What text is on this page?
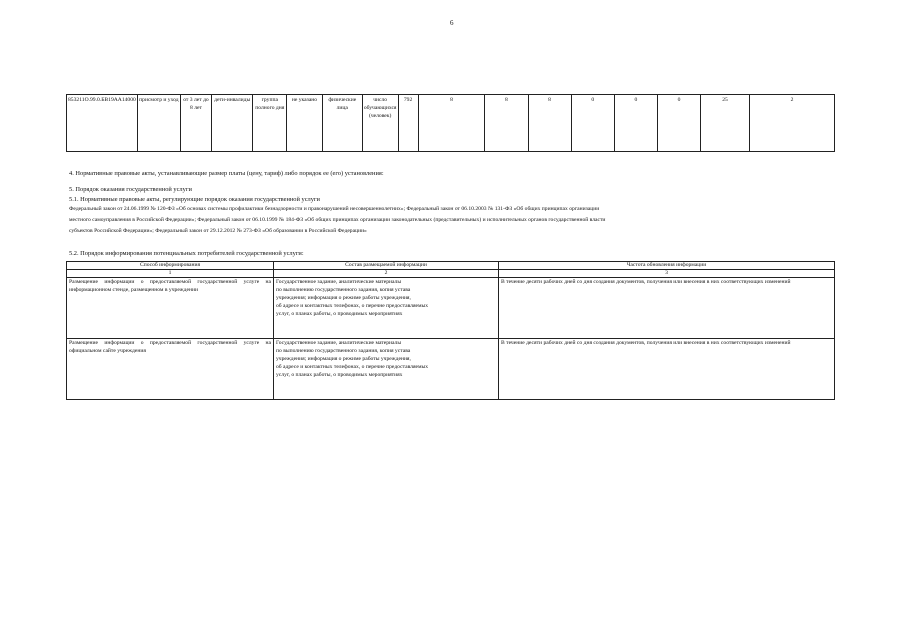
6
853211О.99.0.БВ19АА14000	присмотр и уход	от 3 лет до 8 лет	дети-инвалиды	группа полного дня	не указано	физические лица	число обучающихся (человек)	792	8	8	8	0	0	0	25	2
4. Нормативные правовые акты, устанавливающие размер платы (цену, тариф) либо порядок ее (его) установления:
5. Порядок оказания государственной услуги
5.1. Нормативные правовые акты, регулирующие порядок оказания государственной услуги
Федеральный закон от 24.06.1999 № 120-ФЗ «Об основах системы профилактики безнадзорности и правонарушений несовершеннолетних»; Федеральный закон от 06.10.2003 № 131-ФЗ «Об общих принципах организации
местного самоуправления в Российской Федерации»; Федеральный закон от 06.10.1999 № 184-ФЗ «Об общих принципах организации законодательных (представительных) и исполнительных органов государственной власти
субъектов Российской Федерации»; Федеральный закон от 29.12.2012 № 273-ФЗ «Об образовании в Российской Федерации»
5.2. Порядок информирования потенциальных потребителей государственной услуги:
Способ информирования	Состав размещаемой информации	Частота обновления информации
1	2	3
Размещение информации о предоставляемой государственной услуге на информационном стенде, размещенном в учреждении	Государственное задание, аналитические материалы
по выполнению государственного задания, копия устава
учреждения; информация о режиме работы учреждения,
об адресе и контактных телефонах, о перечне предоставляемых
услуг, о планах работы, о проводимых мероприятиях	В течение десяти рабочих дней со дня создания документов, получения или внесения в них соответствующих изменений
Размещение информации о предоставляемой государственной услуге на официальном сайте учреждения	Государственное задание, аналитические материалы
по выполнению государственного задания, копия устава
учреждения; информация о режиме работы учреждения,
об адресе и контактных телефонах, о перечне предоставляемых
услуг, о планах работы, о проводимых мероприятиях	В течение десяти рабочих дней со дня создания документов, получения или внесения в них соответствующих изменений
